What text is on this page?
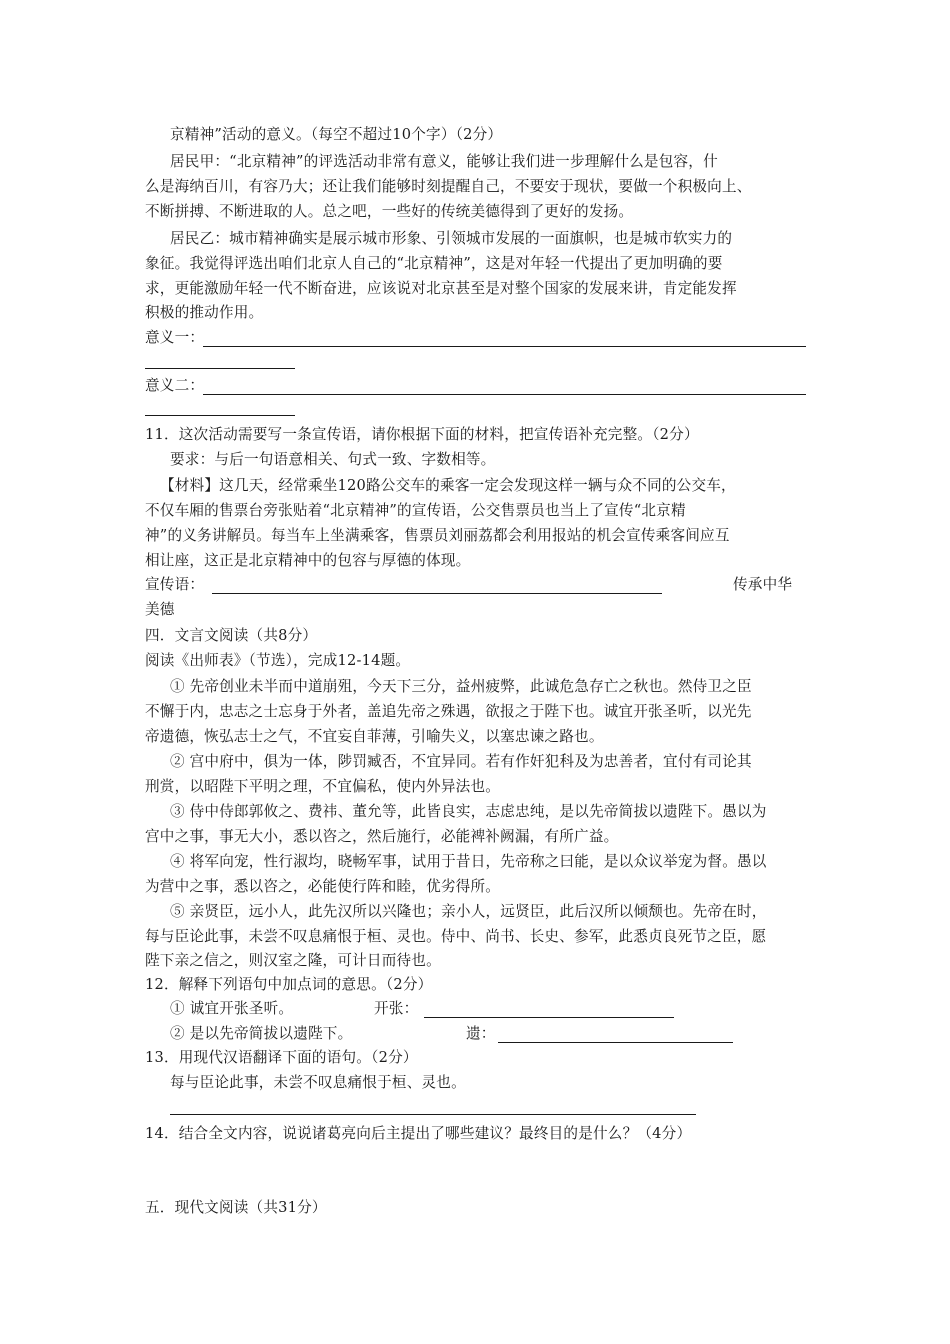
京精神”活动的意义。（每空不超过10个字）（2分）
居民甲：“北京精神”的评选活动非常有意义，能够让我们进一步理解什么是包容，什
么是海纳百川，有容乃大；还让我们能够时刻提醒自己，不要安于现状，要做一个积极向上、
不断拼搏、不断进取的人。总之吧，一些好的传统美德得到了更好的发扬。
居民乙：城市精神确实是展示城市形象、引领城市发展的一面旗帜，也是城市软实力的
象征。我觉得评选出咱们北京人自己的“北京精神”，这是对年轻一代提出了更加明确的要
求，更能激励年轻一代不断奋进，应该说对北京甚至是对整个国家的发展来讲，肯定能发挥
积极的推动作用。
意义一：
意义二：
11．这次活动需要写一条宣传语，请你根据下面的材料，把宣传语补充完整。（2分）
要求：与后一句语意相关、句式一致、字数相等。
【材料】这几天，经常乘坐120路公交车的乘客一定会发现这样一辆与众不同的公交车，
不仅车厢的售票台旁张贴着“北京精神”的宣传语，公交售票员也当上了宣传“北京精
神”的义务讲解员。每当车上坐满乘客，售票员刘丽荔都会利用报站的机会宣传乘客间应互
相让座，这正是北京精神中的包容与厚德的体现。
宣传语：	传承中华
美德
四．文言文阅读（共8分）
阅读《出师表》（节选），完成12-14题。
① 先帝创业未半而中道崩殂，今天下三分，益州疲弊，此诚危急存亡之秋也。然侍卫之臣
不懈于内，忠志之士忘身于外者，盖追先帝之殊遇，欲报之于陛下也。诚宜开张圣听，以光先
帝遗德，恢弘志士之气，不宜妄自菲薄，引喻失义，以塞忠谏之路也。
② 宫中府中，俱为一体，陟罚臧否，不宜异同。若有作奸犯科及为忠善者，宜付有司论其
刑赏，以昭陛下平明之理，不宜偏私，使内外异法也。
③ 侍中侍郎郭攸之、费祎、董允等，此皆良实，志虑忠纯，是以先帝简拔以遗陛下。愚以为
宫中之事，事无大小，悉以咨之，然后施行，必能裨补阙漏，有所广益。
④ 将军向宠，性行淑均，晓畅军事，试用于昔日，先帝称之曰能，是以众议举宠为督。愚以
为营中之事，悉以咨之，必能使行阵和睦，优劣得所。
⑤ 亲贤臣，远小人，此先汉所以兴隆也；亲小人，远贤臣，此后汉所以倾颓也。先帝在时，
每与臣论此事，未尝不叹息痛恨于桓、灵也。侍中、尚书、长史、参军，此悉贞良死节之臣，愿
陛下亲之信之，则汉室之隆，可计日而待也。
12．解释下列语句中加点词的意思。（2分）
① 诚宜开张圣听。	开张：
② 是以先帝简拔以遗陛下。	遗：
13．用现代汉语翻译下面的语句。（2分）
每与臣论此事，未尝不叹息痛恨于桓、灵也。
14．结合全文内容，说说诸葛亮向后主提出了哪些建议？最终目的是什么？（4分）
五．现代文阅读（共31分）
